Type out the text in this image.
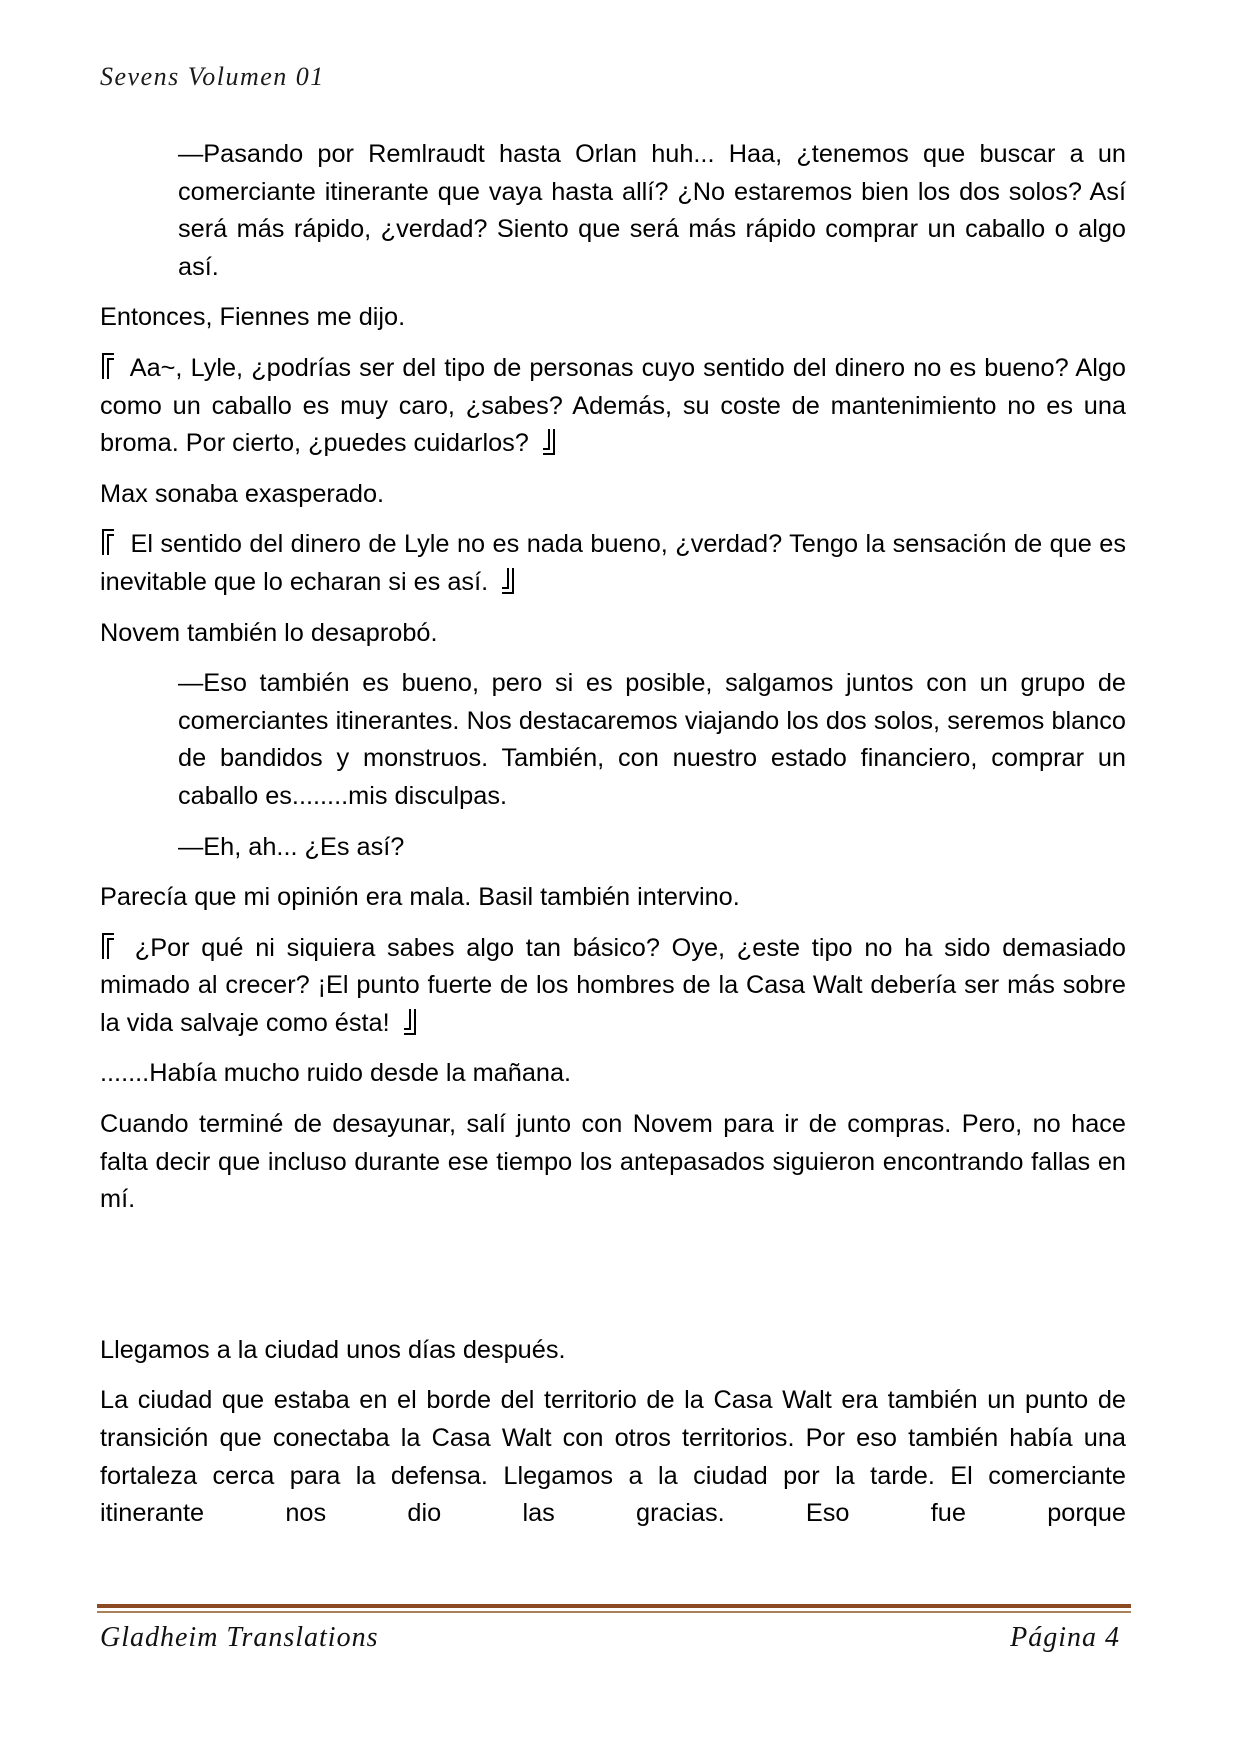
Sevens Volumen 01

—Pasando por Remlraudt hasta Orlan huh... Haa, ¿tenemos que buscar a un comerciante itinerante que vaya hasta allí? ¿No estaremos bien los dos solos? Así será más rápido, ¿verdad? Siento que será más rápido comprar un caballo o algo así.

Entonces, Fiennes me dijo.

Aa~, Lyle, ¿podrías ser del tipo de personas cuyo sentido del dinero no es bueno? Algo como un caballo es muy caro, ¿sabes? Además, su coste de mantenimiento no es una broma. Por cierto, ¿puedes cuidarlos?

Max sonaba exasperado.

El sentido del dinero de Lyle no es nada bueno, ¿verdad? Tengo la sensación de que es inevitable que lo echaran si es así.

Novem también lo desaprobó.

—Eso también es bueno, pero si es posible, salgamos juntos con un grupo de comerciantes itinerantes. Nos destacaremos viajando los dos solos, seremos blanco de bandidos y monstruos. También, con nuestro estado financiero, comprar un caballo es........mis disculpas.

—Eh, ah... ¿Es así?

Parecía que mi opinión era mala. Basil también intervino.

¿Por qué ni siquiera sabes algo tan básico? Oye, ¿este tipo no ha sido demasiado mimado al crecer? ¡El punto fuerte de los hombres de la Casa Walt debería ser más sobre la vida salvaje como ésta!

.......Había mucho ruido desde la mañana.

Cuando terminé de desayunar, salí junto con Novem para ir de compras. Pero, no hace falta decir que incluso durante ese tiempo los antepasados siguieron encontrando fallas en mí.

Llegamos a la ciudad unos días después.

La ciudad que estaba en el borde del territorio de la Casa Walt era también un punto de transición que conectaba la Casa Walt con otros territorios. Por eso también había una fortaleza cerca para la defensa. Llegamos a la ciudad por la tarde. El comerciante itinerante nos dio las gracias. Eso fue porque

Gladheim Translations	Página 4
